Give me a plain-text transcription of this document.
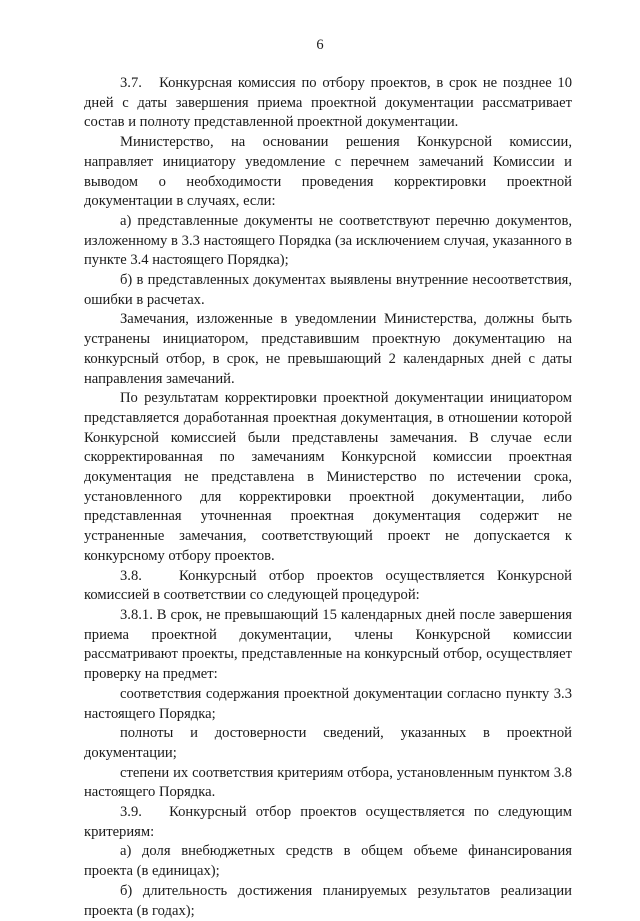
6

3.7.   Конкурсная комиссия по отбору проектов, в срок не позднее 10 дней с даты завершения приема проектной документации рассматривает состав и полноту представленной проектной документации.

Министерство, на основании решения Конкурсной комиссии, направляет инициатору уведомление с перечнем замечаний Комиссии и выводом о необходимости проведения корректировки проектной документации в случаях, если:

а) представленные документы не соответствуют перечню документов, изложенному в 3.3 настоящего Порядка (за исключением случая, указанного в пункте 3.4 настоящего Порядка);

б) в представленных документах выявлены внутренние несоответствия, ошибки в расчетах.

Замечания, изложенные в уведомлении Министерства, должны быть устранены инициатором, представившим проектную документацию на конкурсный отбор, в срок, не превышающий 2 календарных дней с даты направления замечаний.

По результатам корректировки проектной документации инициатором представляется доработанная проектная документация, в отношении которой Конкурсной комиссией были представлены замечания. В случае если скорректированная по замечаниям Конкурсной комиссии проектная документация не представлена в Министерство по истечении срока, установленного для корректировки проектной документации, либо представленная уточненная проектная документация содержит не устраненные замечания, соответствующий проект не допускается к конкурсному отбору проектов.

3.8.   Конкурсный отбор проектов осуществляется Конкурсной комиссией в соответствии со следующей процедурой:

3.8.1. В срок, не превышающий 15 календарных дней после завершения приема проектной документации, члены Конкурсной комиссии рассматривают проекты, представленные на конкурсный отбор, осуществляет проверку на предмет:

соответствия содержания проектной документации согласно пункту 3.3 настоящего Порядка;

полноты и достоверности сведений, указанных в проектной документации;

степени их соответствия критериям отбора, установленным пунктом 3.8 настоящего Порядка.

3.9.   Конкурсный отбор проектов осуществляется по следующим критериям:

а) доля внебюджетных средств в общем объеме финансирования проекта (в единицах);

б) длительность достижения планируемых результатов реализации проекта (в годах);
